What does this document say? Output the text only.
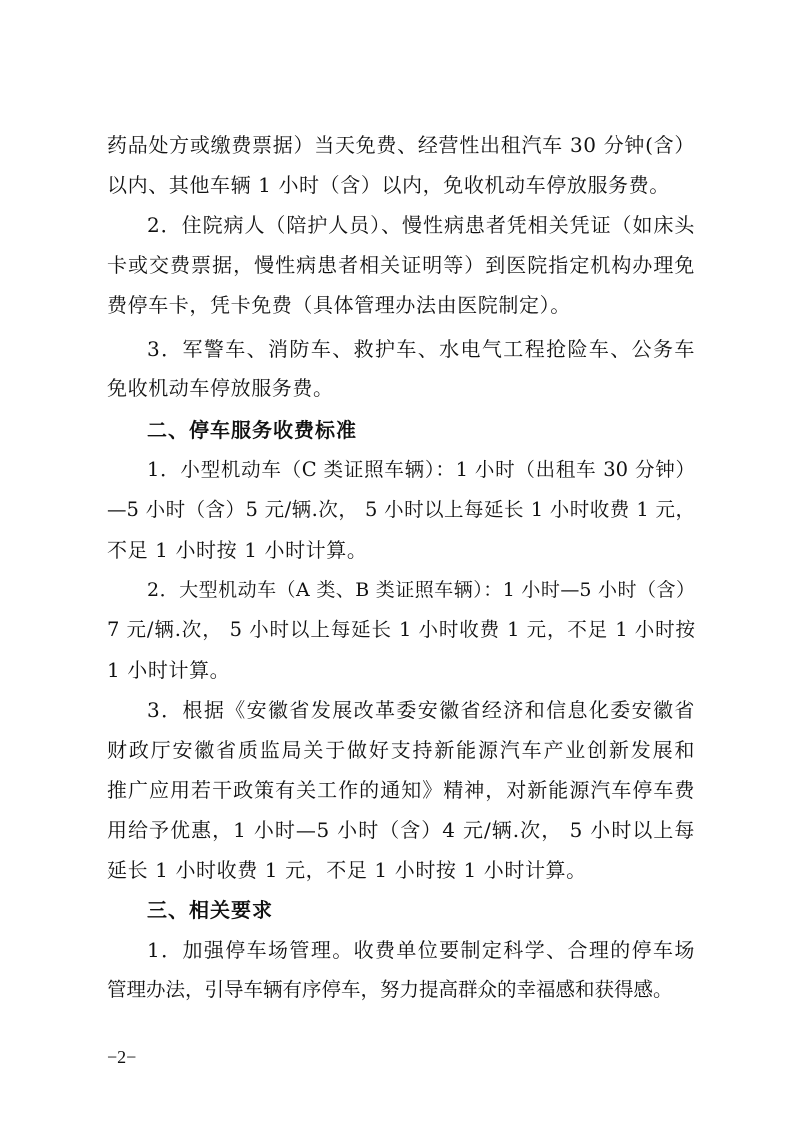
药品处方或缴费票据）当天免费、经营性出租汽车 30 分钟(含）
以内、其他车辆 1 小时（含）以内，免收机动车停放服务费。
2．住院病人（陪护人员）、慢性病患者凭相关凭证（如床头
卡或交费票据，慢性病患者相关证明等）到医院指定机构办理免
费停车卡，凭卡免费（具体管理办法由医院制定）。
3．军警车、消防车、救护车、水电气工程抢险车、公务车
免收机动车停放服务费。
二、停车服务收费标准
1．小型机动车（C 类证照车辆）：1 小时（出租车 30 分钟）
—5 小时（含）5 元/辆.次， 5 小时以上每延长 1 小时收费 1 元，
不足 1 小时按 1 小时计算。
2．大型机动车（A 类、B 类证照车辆）：1 小时—5 小时（含）
7 元/辆.次， 5 小时以上每延长 1 小时收费 1 元，不足 1 小时按
1 小时计算。
3．根据《安徽省发展改革委安徽省经济和信息化委安徽省
财政厅安徽省质监局关于做好支持新能源汽车产业创新发展和
推广应用若干政策有关工作的通知》精神，对新能源汽车停车费
用给予优惠，1 小时—5 小时（含）4 元/辆.次， 5 小时以上每
延长 1 小时收费 1 元，不足 1 小时按 1 小时计算。
三、相关要求
1．加强停车场管理。收费单位要制定科学、合理的停车场
管理办法，引导车辆有序停车，努力提高群众的幸福感和获得感。
−2−
